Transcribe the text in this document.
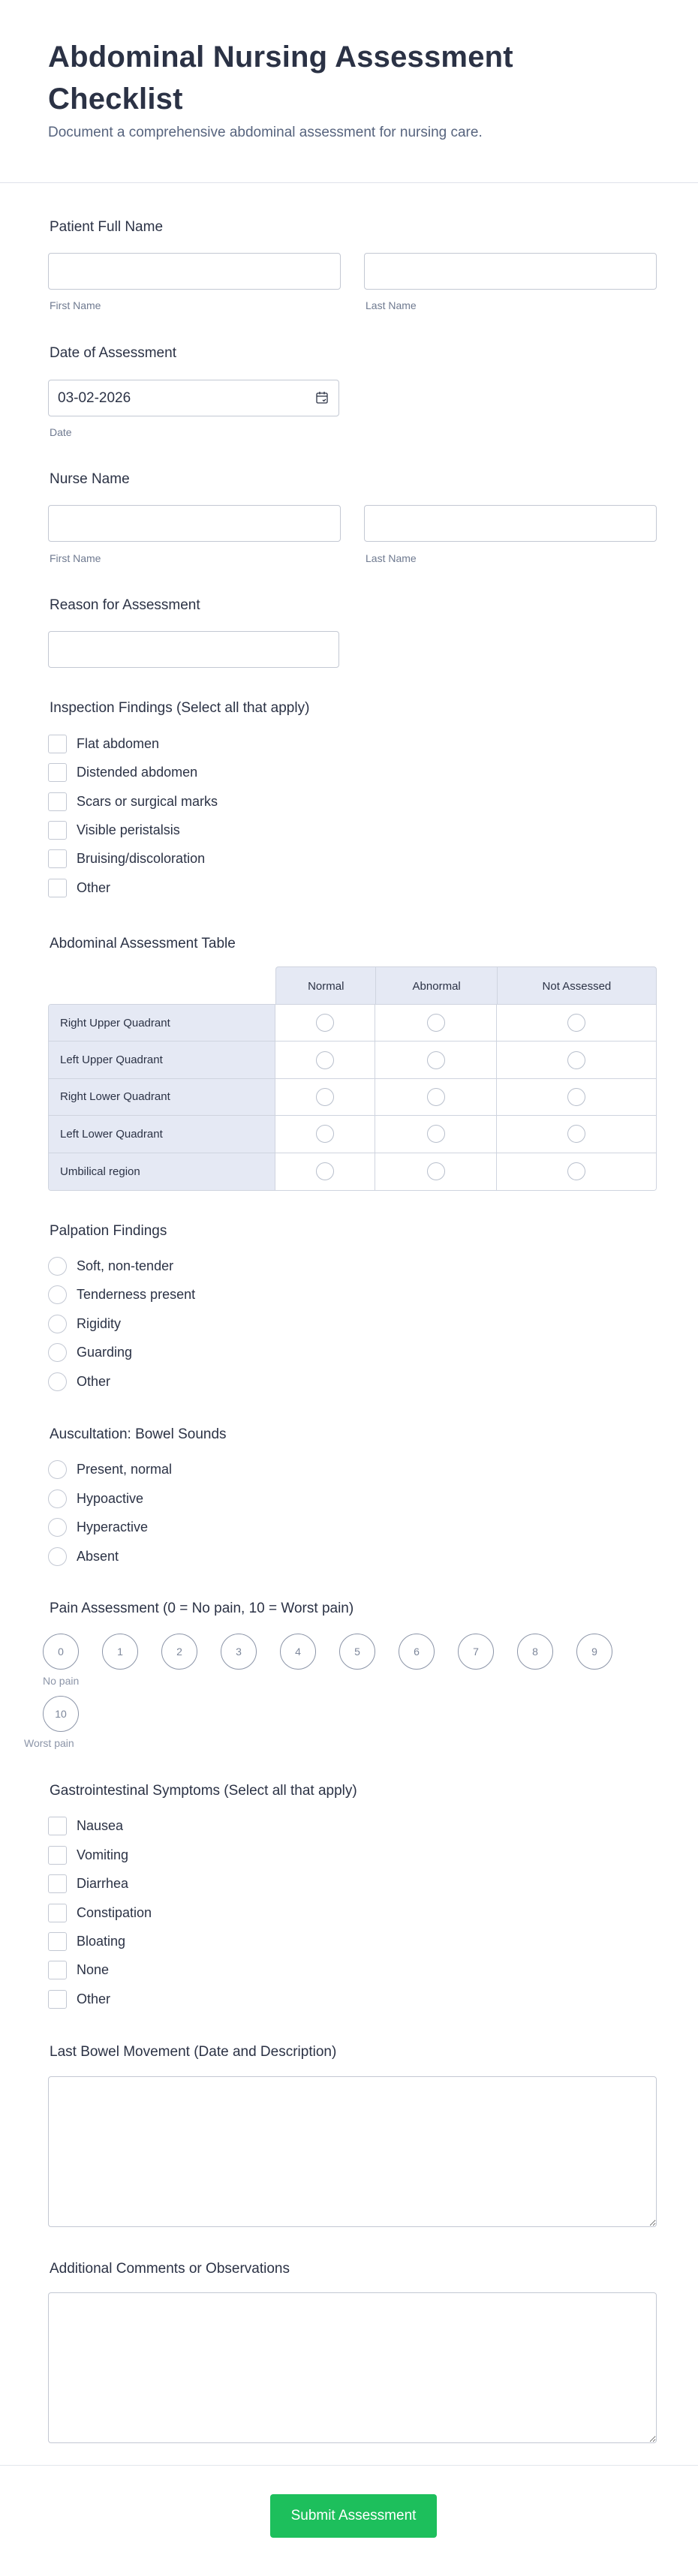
Abdominal Nursing Assessment Checklist

Document a comprehensive abdominal assessment for nursing care.

Patient Full Name
First Name	Last Name
Date of Assessment
03-02-2026
Date
Nurse Name
First Name	Last Name
Reason for Assessment
Inspection Findings (Select all that apply)
Flat abdomen
Distended abdomen
Scars or surgical marks
Visible peristalsis
Bruising/discoloration
Other
Abdominal Assessment Table
Normal	Abnormal	Not Assessed
Right Upper Quadrant
Left Upper Quadrant
Right Lower Quadrant
Left Lower Quadrant
Umbilical region
Palpation Findings
Soft, non-tender
Tenderness present
Rigidity
Guarding
Other
Auscultation: Bowel Sounds
Present, normal
Hypoactive
Hyperactive
Absent
Pain Assessment (0 = No pain, 10 = Worst pain)
0	1	2	3	4	5	6	7	8	9
No pain
10
Worst pain
Gastrointestinal Symptoms (Select all that apply)
Nausea
Vomiting
Diarrhea
Constipation
Bloating
None
Other
Last Bowel Movement (Date and Description)
Additional Comments or Observations
Submit Assessment
